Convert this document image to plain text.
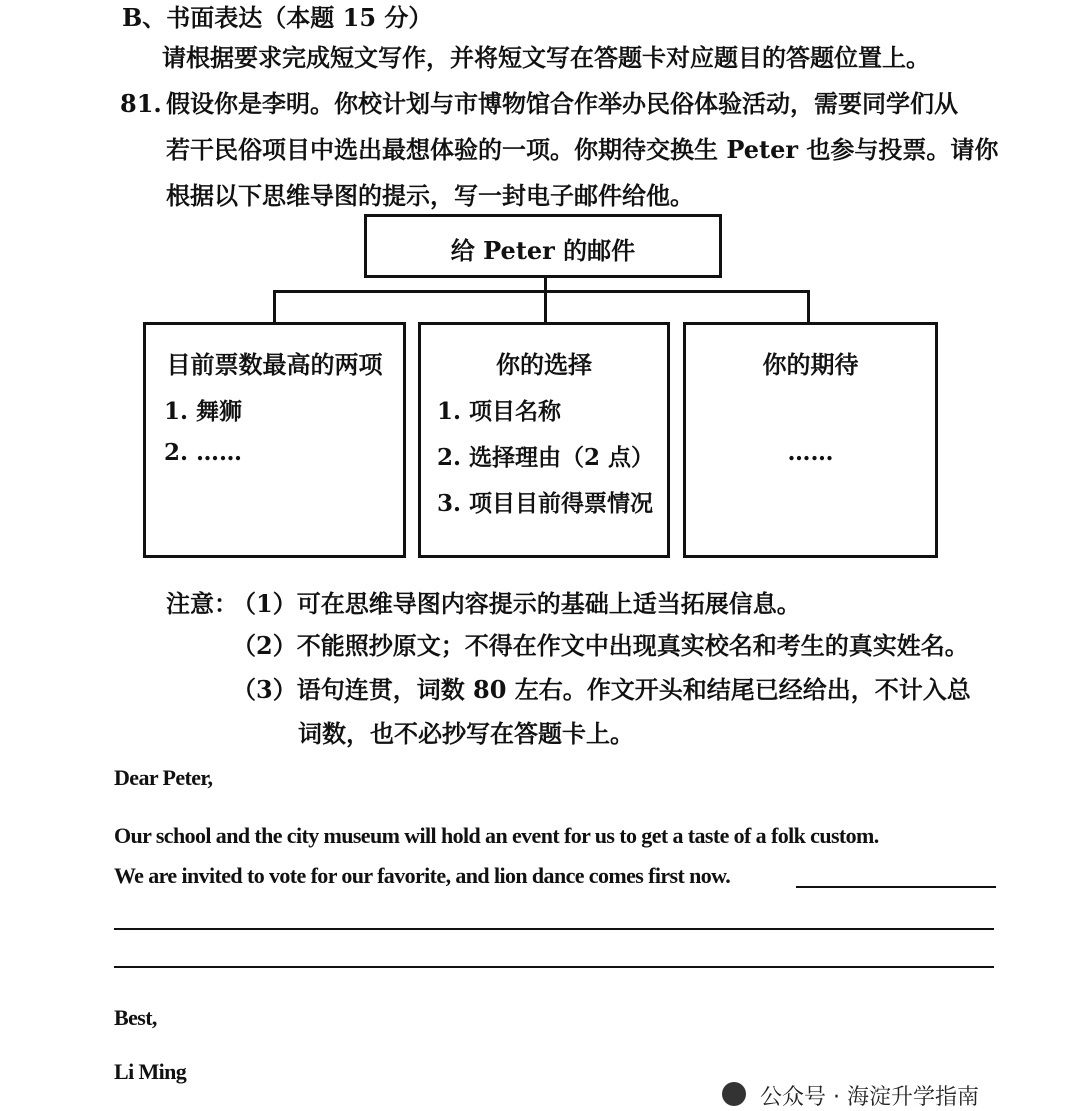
B、书面表达（本题 15 分）
请根据要求完成短文写作，并将短文写在答题卡对应题目的答题位置上。
81. 假设你是李明。你校计划与市博物馆合作举办民俗体验活动，需要同学们从
若干民俗项目中选出最想体验的一项。你期待交换生 Peter 也参与投票。请你
根据以下思维导图的提示，写一封电子邮件给他。
给 Peter 的邮件
目前票数最高的两项
1. 舞狮
2. ……
你的选择
1. 项目名称
2. 选择理由（2 点）
3. 项目目前得票情况
你的期待
……
注意：
（1）可在思维导图内容提示的基础上适当拓展信息。
（2）不能照抄原文；不得在作文中出现真实校名和考生的真实姓名。
（3）语句连贯，词数 80 左右。作文开头和结尾已经给出，不计入总
词数，也不必抄写在答题卡上。
Dear Peter,
Our school and the city museum will hold an event for us to get a taste of a folk custom.
We are invited to vote for our favorite, and lion dance comes first now.
Best,
Li Ming
公众号 · 海淀升学指南
